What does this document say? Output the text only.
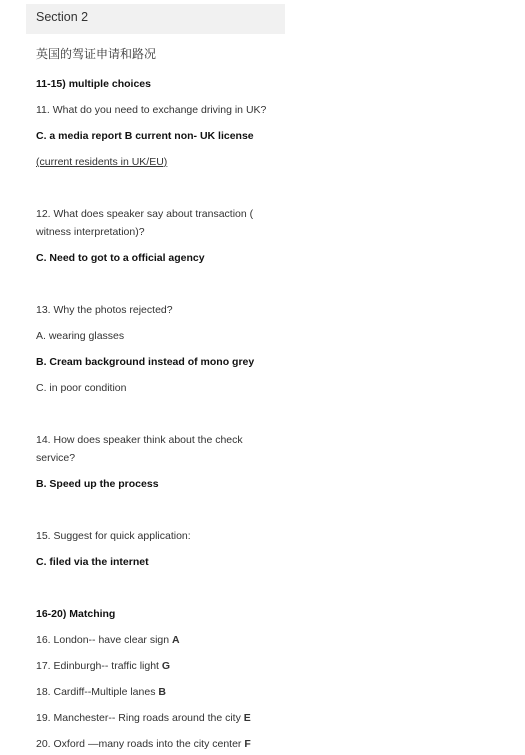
Section 2
英国的驾证申请和路况
11-15) multiple choices
11. What do you need to exchange driving in UK?
C. a media report B current non- UK license
(current residents in UK/EU)
12. What does speaker say about transaction (
witness interpretation)?
C. Need to got to a official agency
13. Why the photos rejected?
A. wearing glasses
B. Cream background instead of mono grey
C. in poor condition
14. How does speaker think about the check
service?
B. Speed up the process
15. Suggest for quick application:
C. filed via the internet
16-20) Matching
16. London-- have clear sign A
17. Edinburgh-- traffic light G
18. Cardiff--Multiple lanes B
19. Manchester-- Ring roads around the city E
20. Oxford —many roads into the city center F
